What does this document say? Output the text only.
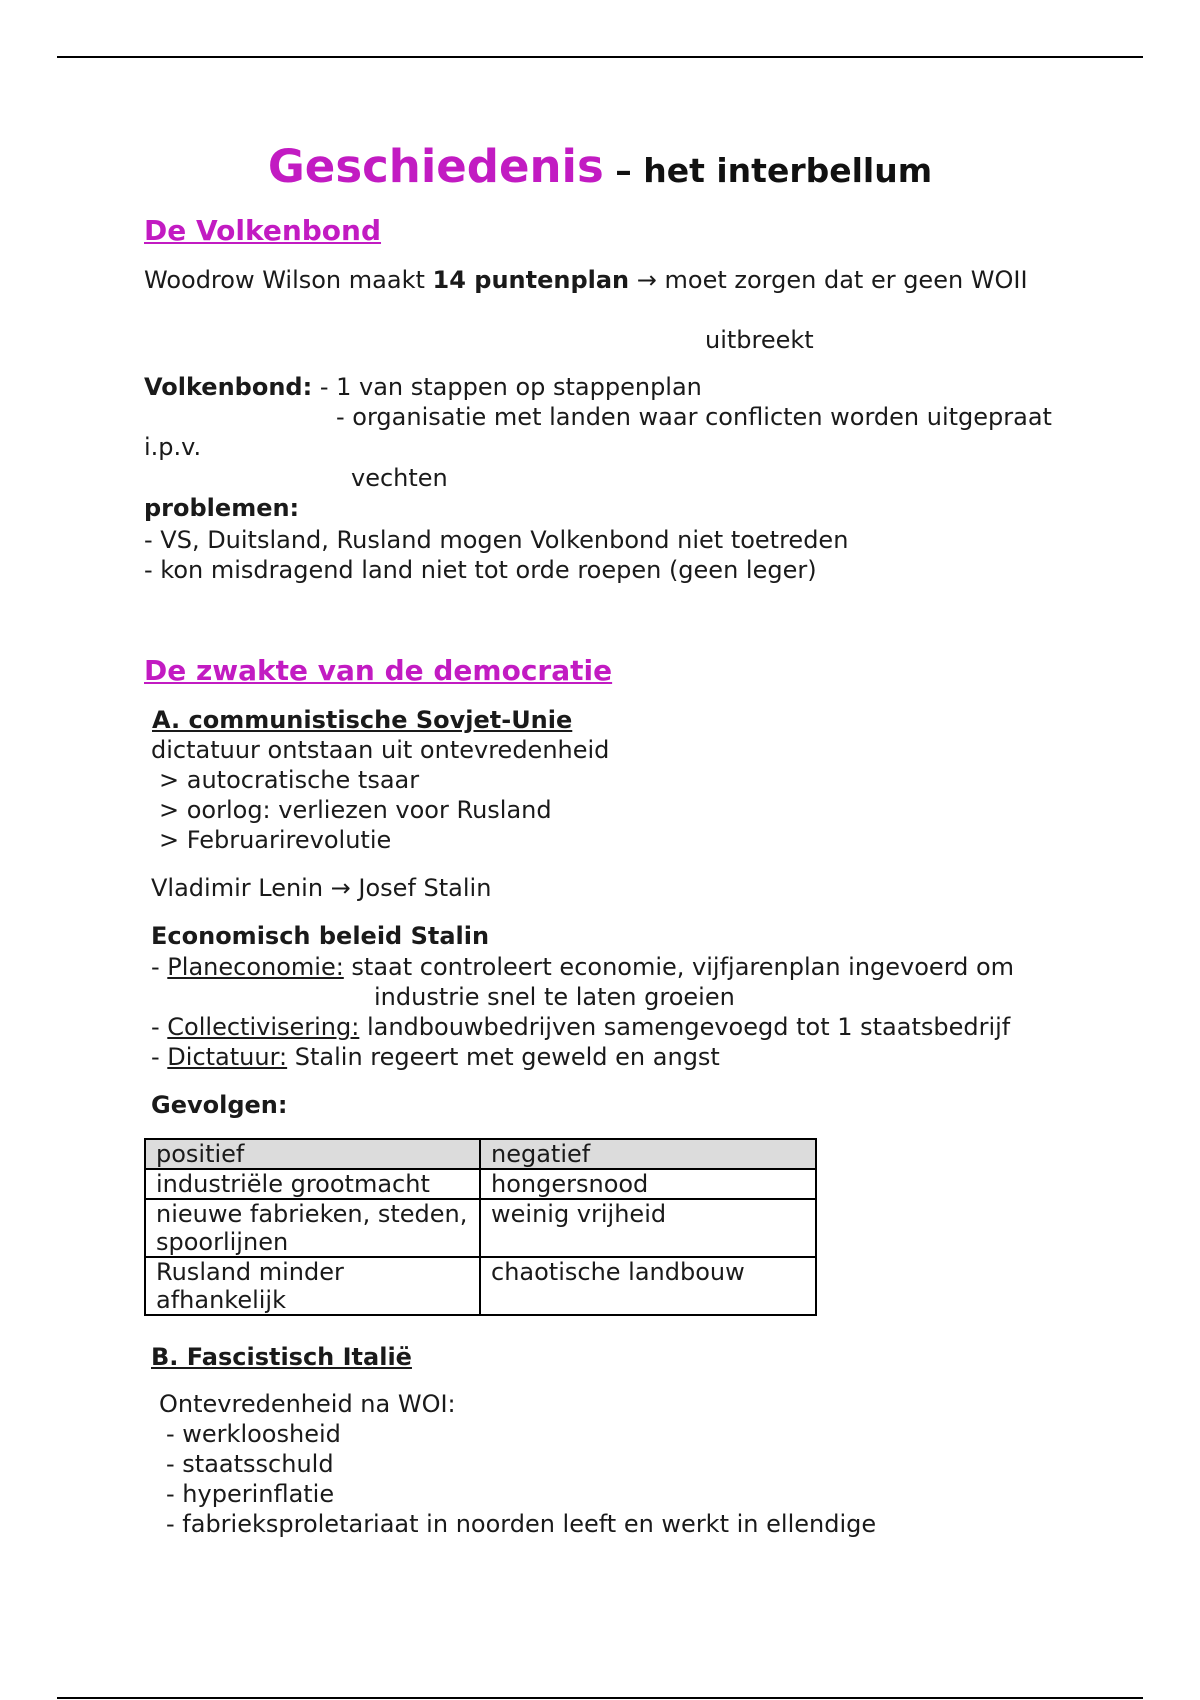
Geschiedenis – het interbellum
De Volkenbond
Woodrow Wilson maakt 14 puntenplan → moet zorgen dat er geen WOII
uitbreekt
Volkenbond: - 1 van stappen op stappenplan
- organisatie met landen waar conflicten worden uitgepraat
i.p.v.
vechten
problemen:
- VS, Duitsland, Rusland mogen Volkenbond niet toetreden
- kon misdragend land niet tot orde roepen (geen leger)
De zwakte van de democratie
A. communistische Sovjet-Unie
dictatuur ontstaan uit ontevredenheid
> autocratische tsaar
> oorlog: verliezen voor Rusland
> Februarirevolutie
Vladimir Lenin → Josef Stalin
Economisch beleid Stalin
- Planeconomie: staat controleert economie, vijfjarenplan ingevoerd om
industrie snel te laten groeien
- Collectivisering: landbouwbedrijven samengevoegd tot 1 staatsbedrijf
- Dictatuur: Stalin regeert met geweld en angst
Gevolgen:
positief	negatief
industriële grootmacht	hongersnood
nieuwe fabrieken, steden, spoorlijnen	weinig vrijheid
Rusland minder afhankelijk	chaotische landbouw
B. Fascistisch Italië
Ontevredenheid na WOI:
- werkloosheid
- staatsschuld
- hyperinflatie
- fabrieksproletariaat in noorden leeft en werkt in ellendige
